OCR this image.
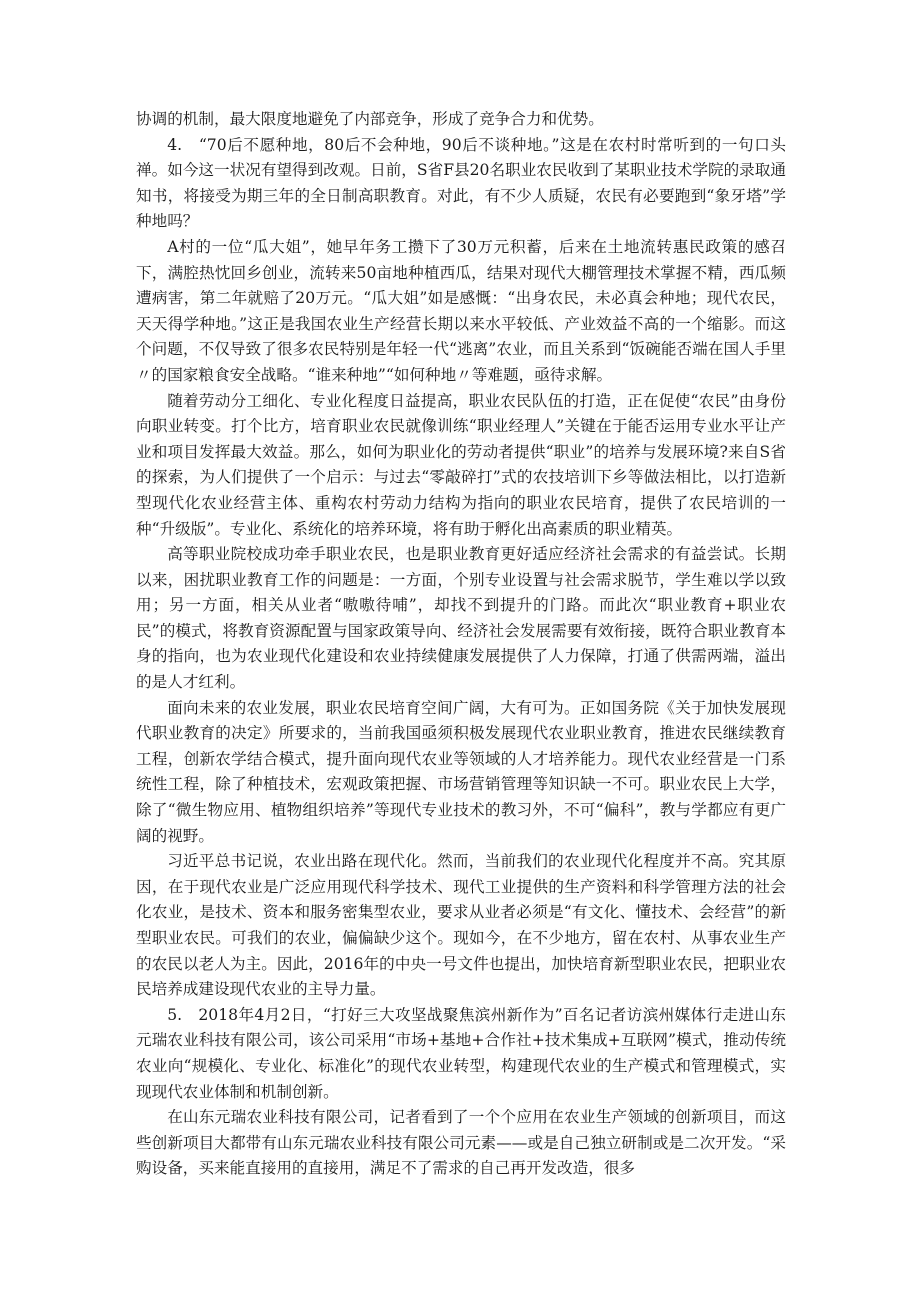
协调的机制，最大限度地避免了内部竞争，形成了竞争合力和优势。

4.　“70后不愿种地，80后不会种地，90后不谈种地。”这是在农村时常听到的一句口头禅。如今这一状况有望得到改观。日前，S省F县20名职业农民收到了某职业技术学院的录取通知书，将接受为期三年的全日制高职教育。对此，有不少人质疑，农民有必要跑到“象牙塔”学种地吗？

A村的一位“瓜大姐”，她早年务工攒下了30万元积蓄，后来在土地流转惠民政策的感召下，满腔热忱回乡创业，流转来50亩地种植西瓜，结果对现代大棚管理技术掌握不精，西瓜频遭病害，第二年就赔了20万元。“瓜大姐”如是感慨：“出身农民，未必真会种地；现代农民，天天得学种地。”这正是我国农业生产经营长期以来水平较低、产业效益不高的一个缩影。而这个问题，不仅导致了很多农民特别是年轻一代“逃离”农业，而且关系到“饭碗能否端在国人手里〃的国家粮食安全战略。“谁来种地”“如何种地〃等难题，亟待求解。

随着劳动分工细化、专业化程度日益提高，职业农民队伍的打造，正在促使“农民”由身份向职业转变。打个比方，培育职业农民就像训练“职业经理人”关键在于能否运用专业水平让产业和项目发挥最大效益。那么，如何为职业化的劳动者提供“职业”的培养与发展环境?来自S省的探索，为人们提供了一个启示：与过去“零敲碎打”式的农技培训下乡等做法相比，以打造新型现代化农业经营主体、重构农村劳动力结构为指向的职业农民培育，提供了农民培训的一种“升级版”。专业化、系统化的培养环境，将有助于孵化出高素质的职业精英。

高等职业院校成功牵手职业农民，也是职业教育更好适应经济社会需求的有益尝试。长期以来，困扰职业教育工作的问题是：一方面，个别专业设置与社会需求脱节，学生难以学以致用；另一方面，相关从业者“嗷嗷待哺”，却找不到提升的门路。而此次“职业教育+职业农民”的模式，将教育资源配置与国家政策导向、经济社会发展需要有效衔接，既符合职业教育本身的指向，也为农业现代化建设和农业持续健康发展提供了人力保障，打通了供需两端，溢出的是人才红利。

面向未来的农业发展，职业农民培育空间广阔，大有可为。正如国务院《关于加快发展现代职业教育的决定》所要求的，当前我国亟须积极发展现代农业职业教育，推进农民继续教育工程，创新农学结合模式，提升面向现代农业等领域的人才培养能力。现代农业经营是一门系统性工程，除了种植技术，宏观政策把握、市场营销管理等知识缺一不可。职业农民上大学，除了“微生物应用、植物组织培养”等现代专业技术的教习外，不可“偏科”，教与学都应有更广阔的视野。

习近平总书记说，农业出路在现代化。然而，当前我们的农业现代化程度并不高。究其原因，在于现代农业是广泛应用现代科学技术、现代工业提供的生产资料和科学管理方法的社会化农业，是技术、资本和服务密集型农业，要求从业者必须是“有文化、懂技术、会经营”的新型职业农民。可我们的农业，偏偏缺少这个。现如今，在不少地方，留在农村、从事农业生产的农民以老人为主。因此，2016年的中央一号文件也提出，加快培育新型职业农民，把职业农民培养成建设现代农业的主导力量。

5.　2018年4月2日，“打好三大攻坚战聚焦滨州新作为”百名记者访滨州媒体行走进山东元瑞农业科技有限公司，该公司采用“市场+基地+合作社+技术集成+互联网”模式，推动传统农业向“规模化、专业化、标准化”的现代农业转型，构建现代农业的生产模式和管理模式，实现现代农业体制和机制创新。

在山东元瑞农业科技有限公司，记者看到了一个个应用在农业生产领域的创新项目，而这些创新项目大都带有山东元瑞农业科技有限公司元素——或是自己独立研制或是二次开发。“采购设备，买来能直接用的直接用，满足不了需求的自己再开发改造，很多
